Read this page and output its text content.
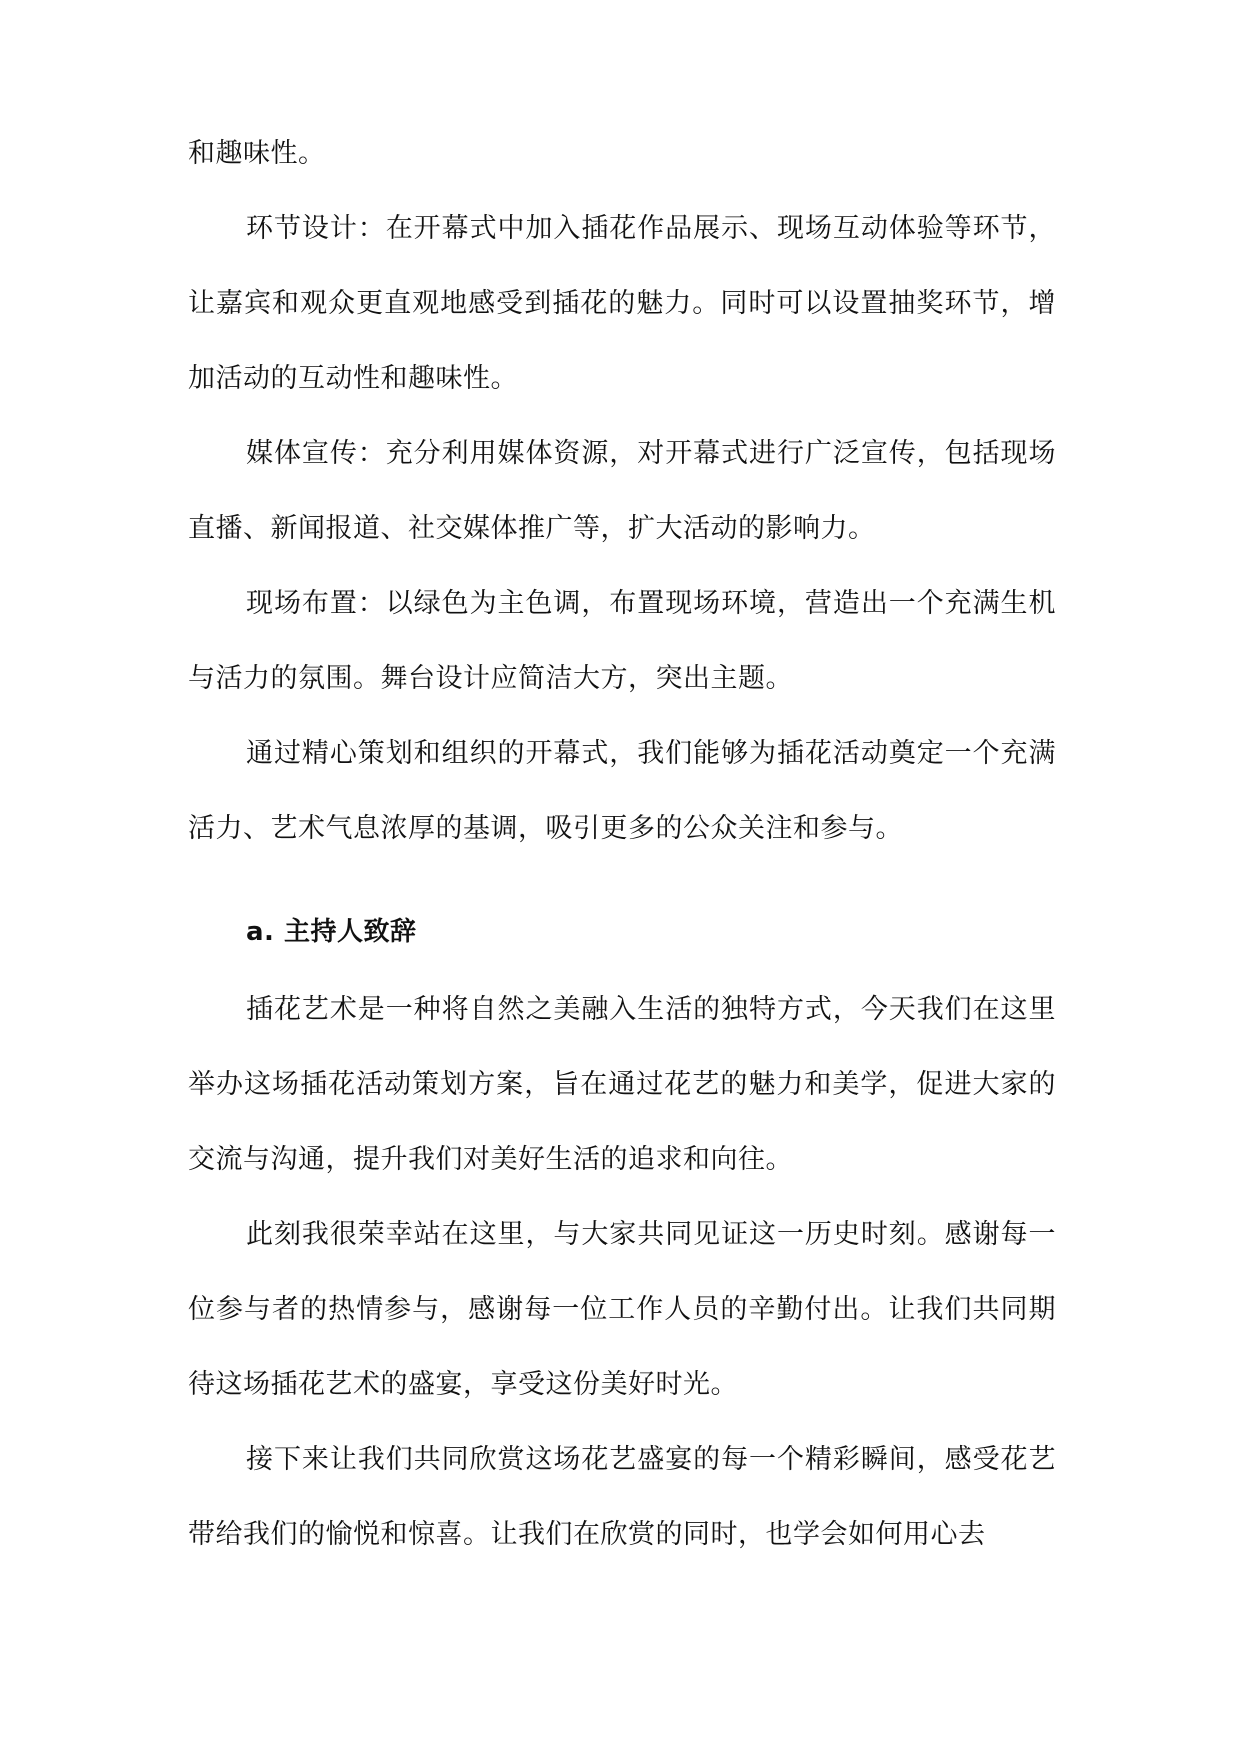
和趣味性。

环节设计：在开幕式中加入插花作品展示、现场互动体验等环节，让嘉宾和观众更直观地感受到插花的魅力。同时可以设置抽奖环节，增加活动的互动性和趣味性。

媒体宣传：充分利用媒体资源，对开幕式进行广泛宣传，包括现场直播、新闻报道、社交媒体推广等，扩大活动的影响力。

现场布置：以绿色为主色调，布置现场环境，营造出一个充满生机与活力的氛围。舞台设计应简洁大方，突出主题。

通过精心策划和组织的开幕式，我们能够为插花活动奠定一个充满活力、艺术气息浓厚的基调，吸引更多的公众关注和参与。

a. 主持人致辞

插花艺术是一种将自然之美融入生活的独特方式，今天我们在这里举办这场插花活动策划方案，旨在通过花艺的魅力和美学，促进大家的交流与沟通，提升我们对美好生活的追求和向往。

此刻我很荣幸站在这里，与大家共同见证这一历史时刻。感谢每一位参与者的热情参与，感谢每一位工作人员的辛勤付出。让我们共同期待这场插花艺术的盛宴，享受这份美好时光。

接下来让我们共同欣赏这场花艺盛宴的每一个精彩瞬间，感受花艺带给我们的愉悦和惊喜。让我们在欣赏的同时，也学会如何用心去
